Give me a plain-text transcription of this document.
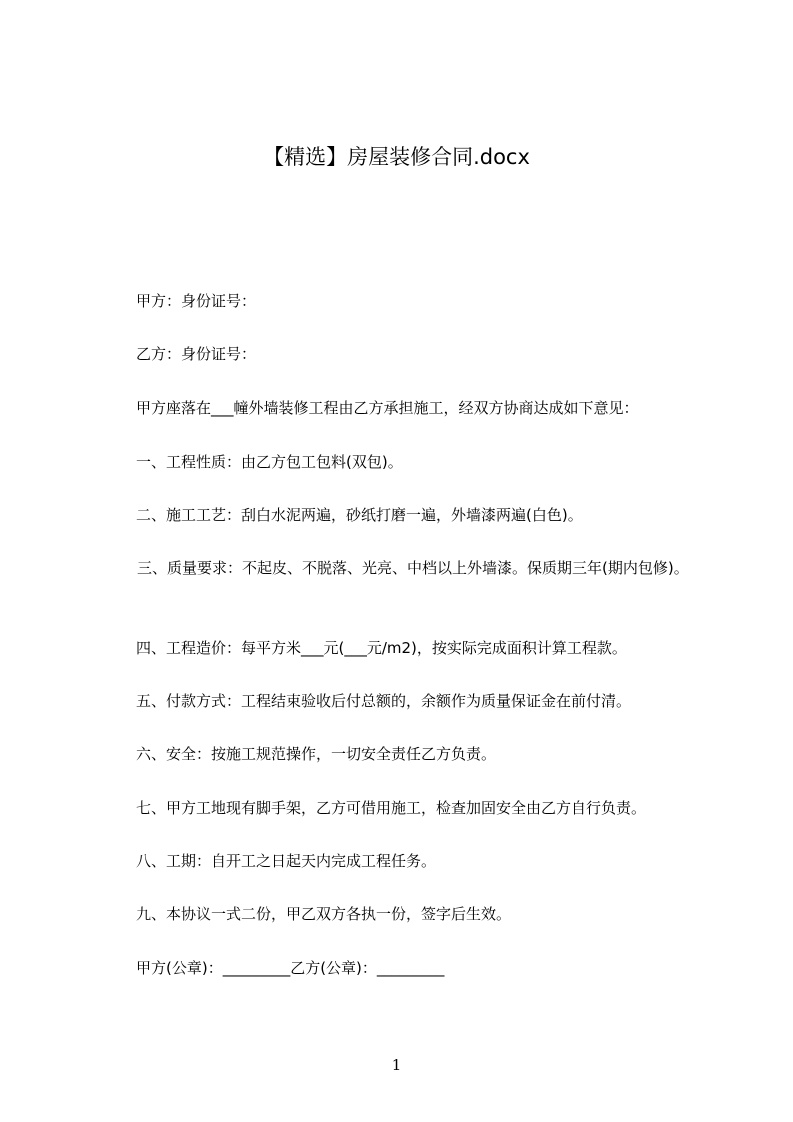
【精选】房屋装修合同.docx
甲方：身份证号：
乙方：身份证号：
甲方座落在___幢外墙装修工程由乙方承担施工，经双方协商达成如下意见：
一、工程性质：由乙方包工包料(双包)。
二、施工工艺：刮白水泥两遍，砂纸打磨一遍，外墙漆两遍(白色)。
三、质量要求：不起皮、不脱落、光亮、中档以上外墙漆。保质期三年(期内包修)。
四、工程造价：每平方米___元(___元/m2)，按实际完成面积计算工程款。
五、付款方式：工程结束验收后付总额的，余额作为质量保证金在前付清。
六、安全：按施工规范操作，一切安全责任乙方负责。
七、甲方工地现有脚手架，乙方可借用施工，检查加固安全由乙方自行负责。
八、工期：自开工之日起天内完成工程任务。
九、本协议一式二份，甲乙双方各执一份，签字后生效。
甲方(公章)：_________乙方(公章)：_________
1
